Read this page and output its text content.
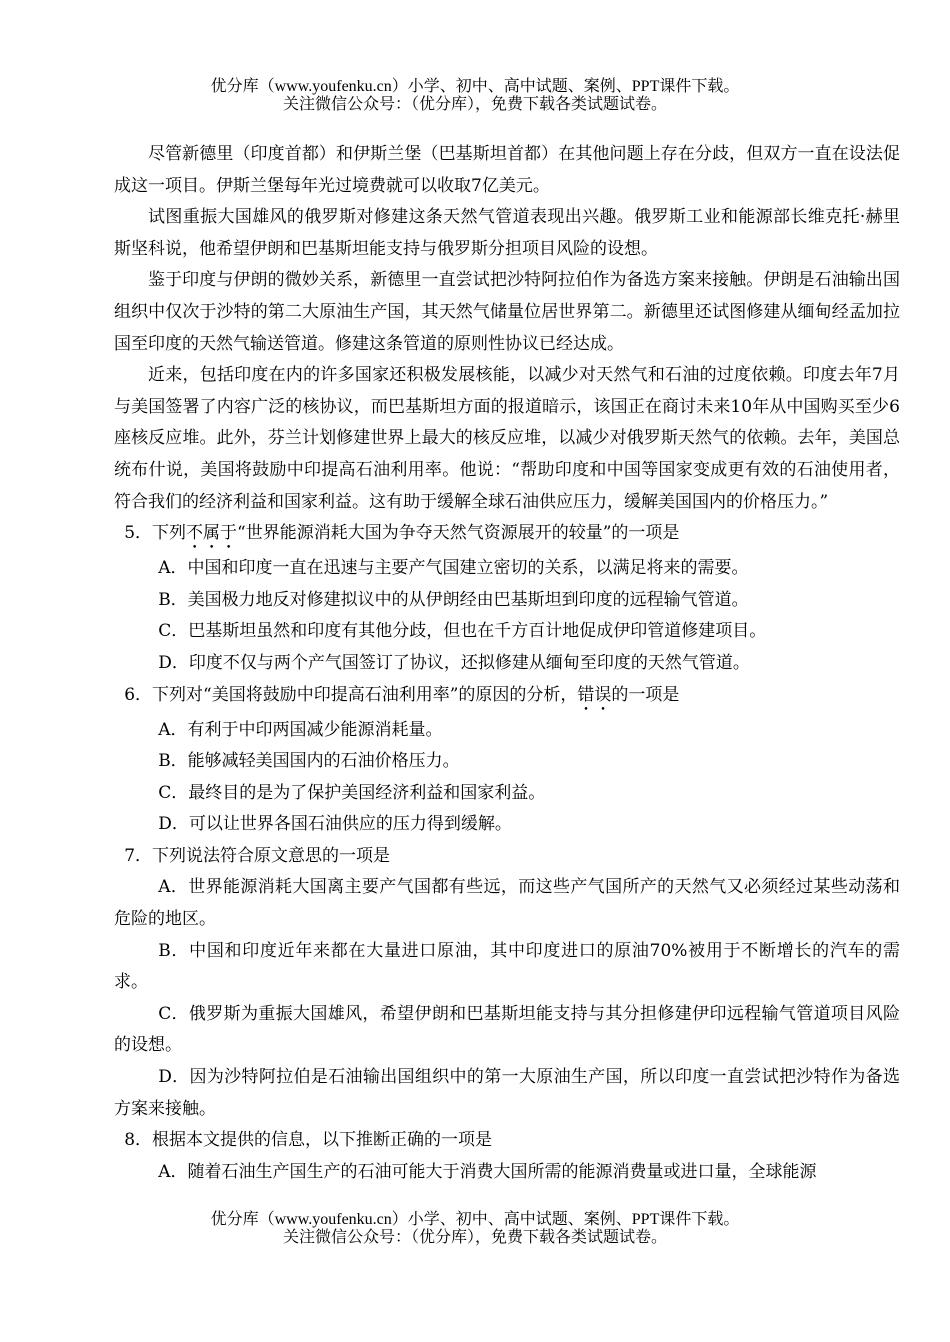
优分库（www.youfenku.cn）小学、初中、高中试题、案例、PPT课件下载。
关注微信公众号：（优分库），免费下载各类试题试卷。

尽管新德里（印度首都）和伊斯兰堡（巴基斯坦首都）在其他问题上存在分歧，但双方一直在设法促成这一项目。伊斯兰堡每年光过境费就可以收取7亿美元。

试图重振大国雄风的俄罗斯对修建这条天然气管道表现出兴趣。俄罗斯工业和能源部长维克托·赫里斯坚科说，他希望伊朗和巴基斯坦能支持与俄罗斯分担项目风险的设想。

鉴于印度与伊朗的微妙关系，新德里一直尝试把沙特阿拉伯作为备选方案来接触。伊朗是石油输出国组织中仅次于沙特的第二大原油生产国，其天然气储量位居世界第二。新德里还试图修建从缅甸经孟加拉国至印度的天然气输送管道。修建这条管道的原则性协议已经达成。

近来，包括印度在内的许多国家还积极发展核能，以减少对天然气和石油的过度依赖。印度去年7月与美国签署了内容广泛的核协议，而巴基斯坦方面的报道暗示，该国正在商讨未来10年从中国购买至少6座核反应堆。此外，芬兰计划修建世界上最大的核反应堆，以减少对俄罗斯天然气的依赖。去年，美国总统布什说，美国将鼓励中印提高石油利用率。他说：“帮助印度和中国等国家变成更有效的石油使用者，符合我们的经济利益和国家利益。这有助于缓解全球石油供应压力，缓解美国国内的价格压力。”

5．下列不属于“世界能源消耗大国为争夺天然气资源展开的较量”的一项是

A．中国和印度一直在迅速与主要产气国建立密切的关系，以满足将来的需要。

B．美国极力地反对修建拟议中的从伊朗经由巴基斯坦到印度的远程输气管道。

C．巴基斯坦虽然和印度有其他分歧，但也在千方百计地促成伊印管道修建项目。

D．印度不仅与两个产气国签订了协议，还拟修建从缅甸至印度的天然气管道。

6．下列对“美国将鼓励中印提高石油利用率”的原因的分析，错误的一项是

A．有利于中印两国减少能源消耗量。

B．能够减轻美国国内的石油价格压力。

C．最终目的是为了保护美国经济利益和国家利益。

D．可以让世界各国石油供应的压力得到缓解。

7．下列说法符合原文意思的一项是

A．世界能源消耗大国离主要产气国都有些远，而这些产气国所产的天然气又必须经过某些动荡和危险的地区。

B．中国和印度近年来都在大量进口原油，其中印度进口的原油70%被用于不断增长的汽车的需求。

C．俄罗斯为重振大国雄风，希望伊朗和巴基斯坦能支持与其分担修建伊印远程输气管道项目风险的设想。

D．因为沙特阿拉伯是石油输出国组织中的第一大原油生产国，所以印度一直尝试把沙特作为备选方案来接触。

8．根据本文提供的信息，以下推断正确的一项是

A．随着石油生产国生产的石油可能大于消费大国所需的能源消费量或进口量，全球能源

优分库（www.youfenku.cn）小学、初中、高中试题、案例、PPT课件下载。
关注微信公众号：（优分库），免费下载各类试题试卷。
